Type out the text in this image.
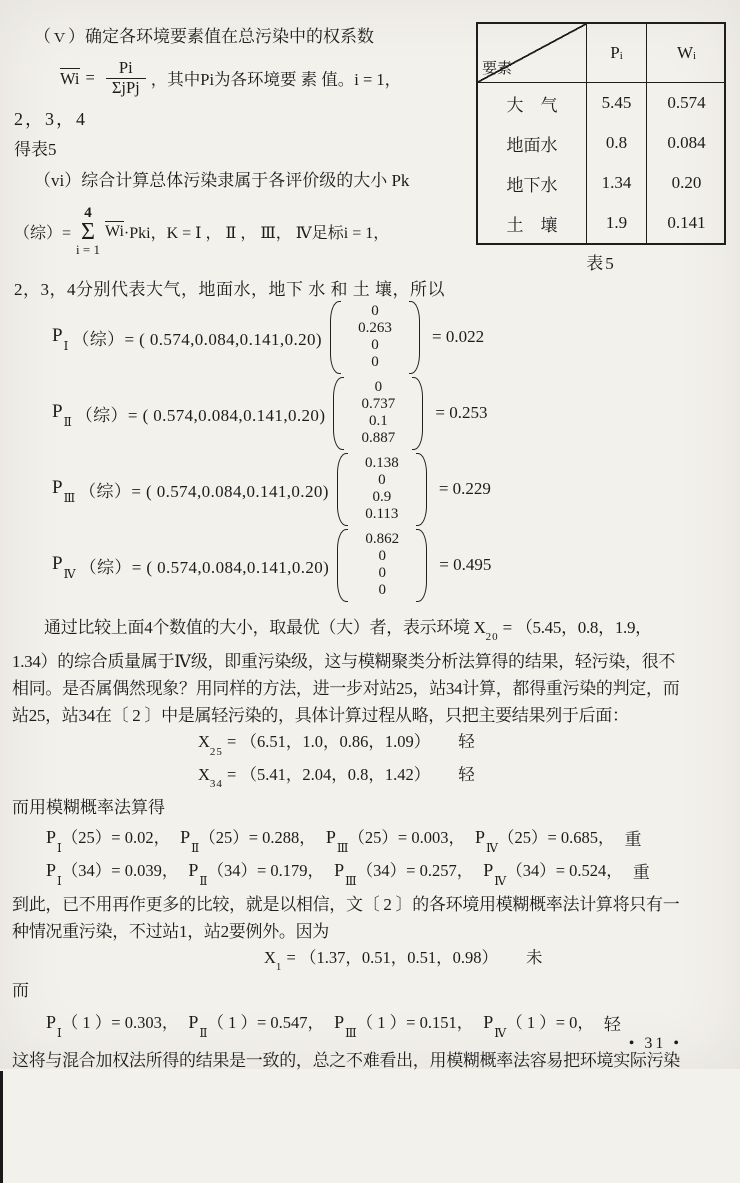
（ｖ）确定各环境要素值在总污染中的权系数
$Wi = \frac{Pi}{\text{ΣjPj}}$ ，其中Pi为各环境要 素 值。i = 1，
2，3，4
得表5
（vi）综合计算总体污染隶属于各评价级的大小 Pk
（综）=
4
Σ
i = 1
Wi ·Pki，K = Ⅰ ， Ⅱ ， Ⅲ， Ⅳ足标i = 1，
2，3，4分别代表大气，地面水，地下 水 和 土 壤，所以
要素
P i	W i
大　气	5.45	0.574
地面水	0.8	0.084
地下水	1.34	0.20
土　壤	1.9	0.141
表5
$P_Ⅰ$ （综）= ( 0.574,0.084,0.141,0.20)
0
0.263
0
0
= 0.022
$P_Ⅱ$ （综）= ( 0.574,0.084,0.141,0.20)
0
0.737
0.1
0.887
= 0.253
$P_Ⅲ$ （综）= ( 0.574,0.084,0.141,0.20)
0.138
0
0.9
0.113
= 0.229
$P_Ⅳ$ （综）= ( 0.574,0.084,0.141,0.20)
0.862
0
0
0
= 0.495
通过比较上面4个数值的大小，取最优（大）者，表示环境 $X_{20} = (5.45$，0.8，1.9，
1.34）的综合质量属于Ⅳ级，即重污染级，这与模糊聚类分析法算得的结果，轻污染，很不
相同。是否属偶然现象？用同样的方法，进一步对站25，站34计算，都得重污染的判定，而
站25，站34在〔 2 〕中是属轻污染的，具体计算过程从略，只把主要结果列于后面：
$X_{25} = (6.51$，1.0，0.86，1.09） 轻
$X_{34} = (5.41$，2.04，0.8，1.42） 轻
而用模糊概率法算得
$P_Ⅰ(25)= 0.02$， $P_Ⅱ(25)= 0.288$， $P_Ⅲ(25)= 0.003$， $P_Ⅳ(25)= 0.685$， 重
$P_Ⅰ(34)= 0.039$， $P_Ⅱ(34)= 0.179$， $P_Ⅲ(34)= 0.257$， $P_Ⅳ(34)= 0.524$， 重
到此，已不用再作更多的比较，就是以相信，文〔 2 〕的各环境用模糊概率法计算将只有一
种情况重污染，不过站1，站2要例外。因为
$X_1 = (1.37$，0.51，0.51，0.98） 未
而
$P_Ⅰ$（ 1 ）= 0.303， $P_Ⅱ$（ 1 ）= 0.547， $P_Ⅲ$（ 1 ）= 0.151， $P_Ⅳ$（ 1 ）= 0， 轻
这将与混合加权法所得的结果是一致的，总之不难看出，用模糊概率法容易把环境实际污染
• 31 •
